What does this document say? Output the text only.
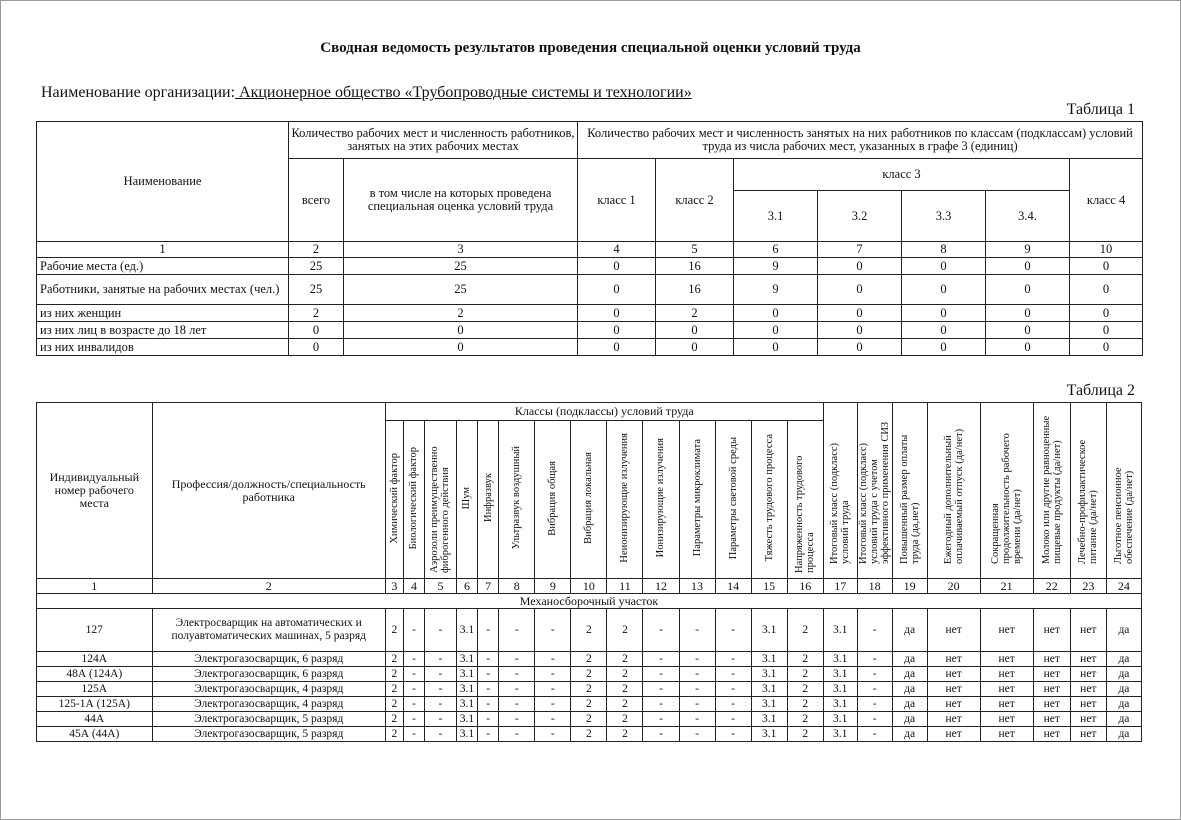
Сводная ведомость результатов проведения специальной оценки условий труда
Наименование организации: Акционерное общество «Трубопроводные системы и технологии»
Таблица 1
Наименование	Количество рабочих мест и численность работников, занятых на этих рабочих местах		Количество рабочих мест и численность занятых на них работников по классам (подклассам) условий труда из числа рабочих мест, указанных в графе 3 (единиц)						
	всего	в том числе на которых проведена специальная оценка условий труда	класс 1	класс 2	класс 3				класс 4
					3.1	3.2	3.3	3.4.	
1	2	3	4	5	6	7	8	9	10
Рабочие места (ед.)	25	25	0	16	9	0	0	0	0
Работники, занятые на рабочих местах (чел.)	25	25	0	16	9	0	0	0	0
из них женщин	2	2	0	2	0	0	0	0	0
из них лиц в возрасте до 18 лет	0	0	0	0	0	0	0	0	0
из них инвалидов	0	0	0	0	0	0	0	0	0
Таблица 2
Индивидуальный номер рабочего места	Профессия/должность/специальность работника	Классы (подклассы) условий труда														Итоговый класс (подкласс) условий труда	Итоговый класс (подкласс) условий труда с учетом эффективного применения СИЗ	Повышенный размер оплаты труда (да,нет)	Ежегодный дополнительный оплачиваемый отпуск (да/нет)	Сокращенная продолжительность рабочего времени (да/нет)	Молоко или другие равноценные пищевые продукты (да/нет)	Лечебно-профилактическое питание (да/нет)	Льготное пенсионное обеспечение (да/нет)
		Химический фактор	Биологический фактор	Аэрозоли преимущественно фиброгенного действия	Шум	Инфразвук	Ультразвук воздушный	Вибрация общая	Вибрация локальная	Неионизирующие излучения	Ионизирующие излучения	Параметры микроклимата	Параметры световой среды	Тяжесть трудового процесса	Напряженность трудового процесса								
1	2	3	4	5	6	7	8	9	10	11	12	13	14	15	16	17	18	19	20	21	22	23	24
Механосборочный участок																							
127	Электросварщик на автоматических и полуавтоматических машинах, 5 разряд	2	-	-	3.1	-	-	-	2	2	-	-	-	3.1	2	3.1	-	да	нет	нет	нет	нет	да
124А	Электрогазосварщик, 6 разряд	2	-	-	3.1	-	-	-	2	2	-	-	-	3.1	2	3.1	-	да	нет	нет	нет	нет	да
48А (124А)	Электрогазосварщик, 6 разряд	2	-	-	3.1	-	-	-	2	2	-	-	-	3.1	2	3.1	-	да	нет	нет	нет	нет	да
125А	Электрогазосварщик, 4 разряд	2	-	-	3.1	-	-	-	2	2	-	-	-	3.1	2	3.1	-	да	нет	нет	нет	нет	да
125-1А (125А)	Электрогазосварщик, 4 разряд	2	-	-	3.1	-	-	-	2	2	-	-	-	3.1	2	3.1	-	да	нет	нет	нет	нет	да
44А	Электрогазосварщик, 5 разряд	2	-	-	3.1	-	-	-	2	2	-	-	-	3.1	2	3.1	-	да	нет	нет	нет	нет	да
45А (44А)	Электрогазосварщик, 5 разряд	2	-	-	3.1	-	-	-	2	2	-	-	-	3.1	2	3.1	-	да	нет	нет	нет	нет	да
